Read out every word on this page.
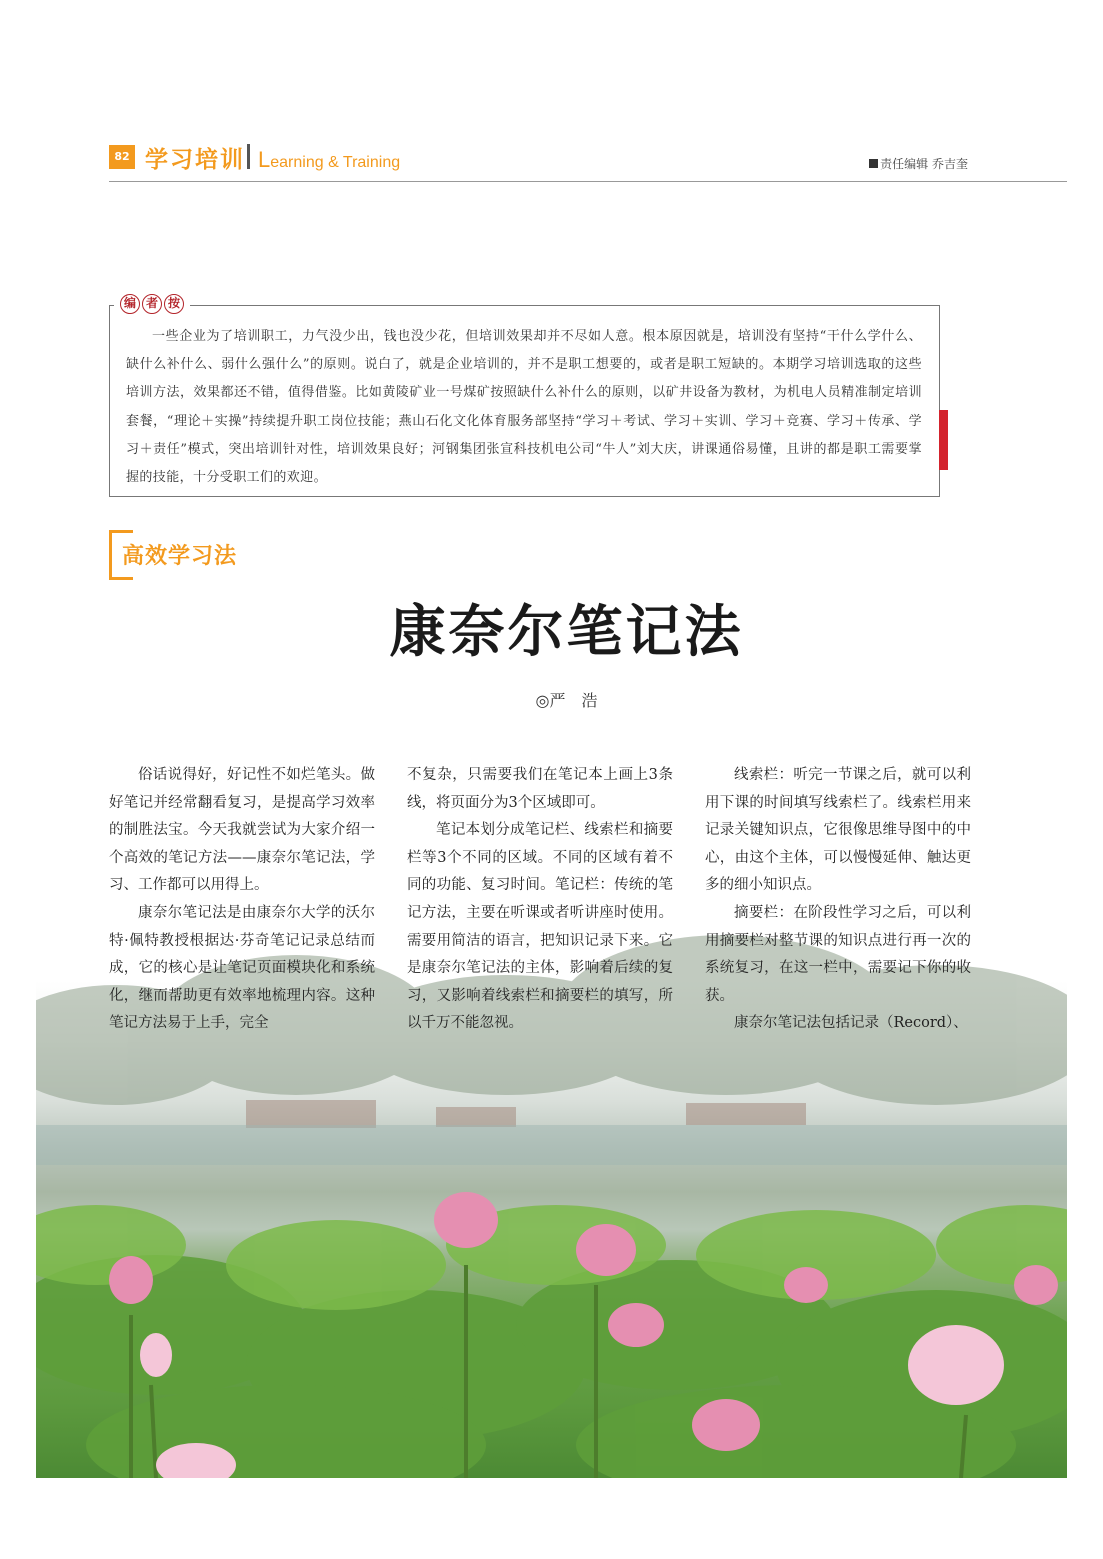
82 学习培训 Learning & Training	责任编辑 乔吉奎
编 者 按
一些企业为了培训职工，力气没少出，钱也没少花，但培训效果却并不尽如人意。根本原因就是，培训没有坚持“干什么学什么、缺什么补什么、弱什么强什么”的原则。说白了，就是企业培训的，并不是职工想要的，或者是职工短缺的。本期学习培训选取的这些培训方法，效果都还不错，值得借鉴。比如黄陵矿业一号煤矿按照缺什么补什么的原则，以矿井设备为教材，为机电人员精准制定培训套餐，“理论＋实操”持续提升职工岗位技能；燕山石化文化体育服务部坚持“学习＋考试、学习＋实训、学习＋竞赛、学习＋传承、学习＋责任”模式，突出培训针对性，培训效果良好；河钢集团张宣科技机电公司“牛人”刘大庆，讲课通俗易懂，且讲的都是职工需要掌握的技能，十分受职工们的欢迎。
高效学习法
康奈尔笔记法
◎严　浩

俗话说得好，好记性不如烂笔头。做好笔记并经常翻看复习，是提高学习效率的制胜法宝。今天我就尝试为大家介绍一个高效的笔记方法——康奈尔笔记法，学习、工作都可以用得上。

康奈尔笔记法是由康奈尔大学的沃尔特·佩特教授根据达·芬奇笔记记录总结而成，它的核心是让笔记页面模块化和系统化，继而帮助更有效率地梳理内容。这种笔记方法易于上手，完全

不复杂，只需要我们在笔记本上画上3条线，将页面分为3个区域即可。

笔记本划分成笔记栏、线索栏和摘要栏等3个不同的区域。不同的区域有着不同的功能、复习时间。笔记栏：传统的笔记方法，主要在听课或者听讲座时使用。需要用简洁的语言，把知识记录下来。它是康奈尔笔记法的主体，影响着后续的复习，又影响着线索栏和摘要栏的填写，所以千万不能忽视。

线索栏：听完一节课之后，就可以利用下课的时间填写线索栏了。线索栏用来记录关键知识点，它很像思维导图中的中心，由这个主体，可以慢慢延伸、触达更多的细小知识点。

摘要栏：在阶段性学习之后，可以利用摘要栏对整节课的知识点进行再一次的系统复习，在这一栏中，需要记下你的收获。

康奈尔笔记法包括记录（Record）、
